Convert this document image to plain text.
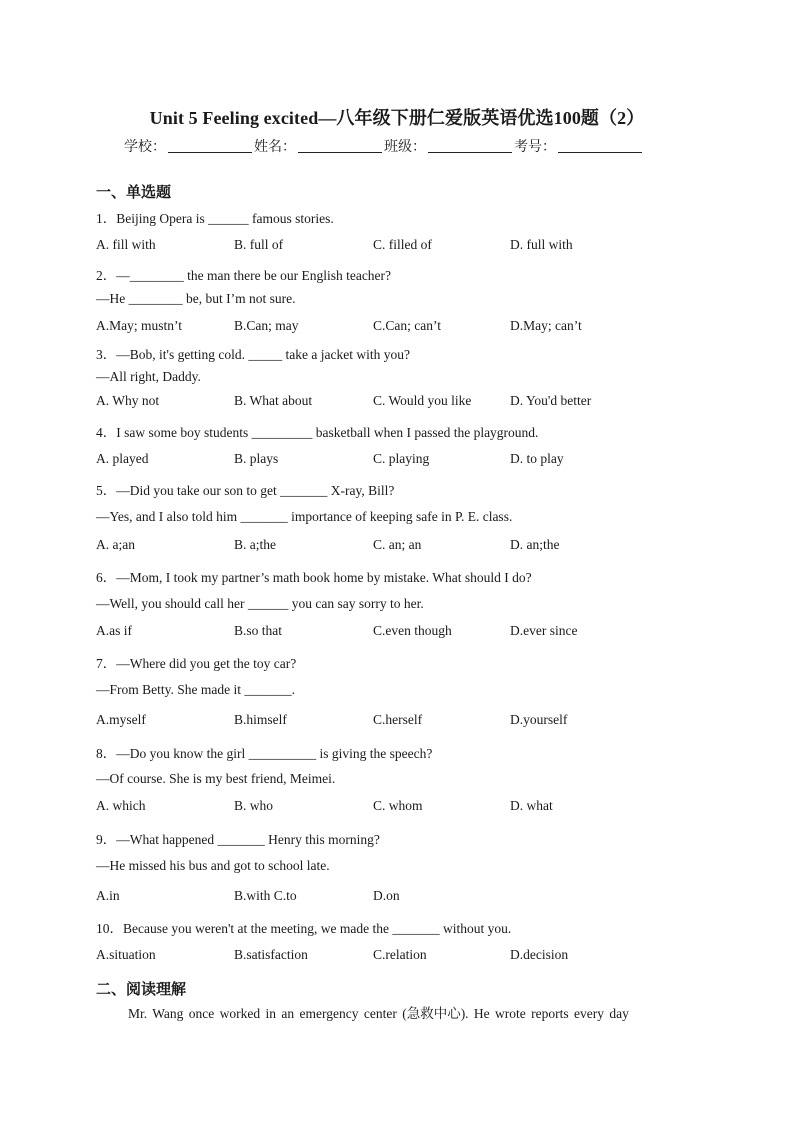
Unit 5 Feeling excited—八年级下册仁爱版英语优选100题（2）
学校：	姓名：	班级：	考号：
一、单选题
1．Beijing Opera is ______ famous stories.
A. fill with	B. full of	C. filled of	D. full with
2．—________ the man there be our English teacher?
—He ________ be, but I’m not sure.
A.May; mustn’t	B.Can; may	C.Can; can’t	D.May; can’t
3．—Bob, it's getting cold. _____ take a jacket with you?
—All right, Daddy.
A. Why not	B. What about	C. Would you like	D. You'd better
4．I saw some boy students _________ basketball when I passed the playground.
A. played	B. plays	C. playing	D. to play
5．—Did you take our son to get _______ X-ray, Bill?
—Yes, and I also told him _______ importance of keeping safe in P. E. class.
A. a;an	B. a;the	C. an; an	D. an;the
6．—Mom, I took my partner’s math book home by mistake. What should I do?
—Well, you should call her ______ you can say sorry to her.
A.as if	B.so that	C.even though	D.ever since
7．—Where did you get the toy car?
—From Betty. She made it _______.
A.myself	B.himself	C.herself	D.yourself
8．—Do you know the girl __________ is giving the speech?
—Of course. She is my best friend, Meimei.
A. which	B. who	C. whom	D. what
9．—What happened _______ Henry this morning?
—He missed his bus and got to school late.
A.in	B.with C.to	D.on
10．Because you weren't at the meeting, we made the _______ without you.
A.situation	B.satisfaction	C.relation	D.decision
二、阅读理解
Mr. Wang once worked in an emergency center (急救中心). He wrote reports every day
